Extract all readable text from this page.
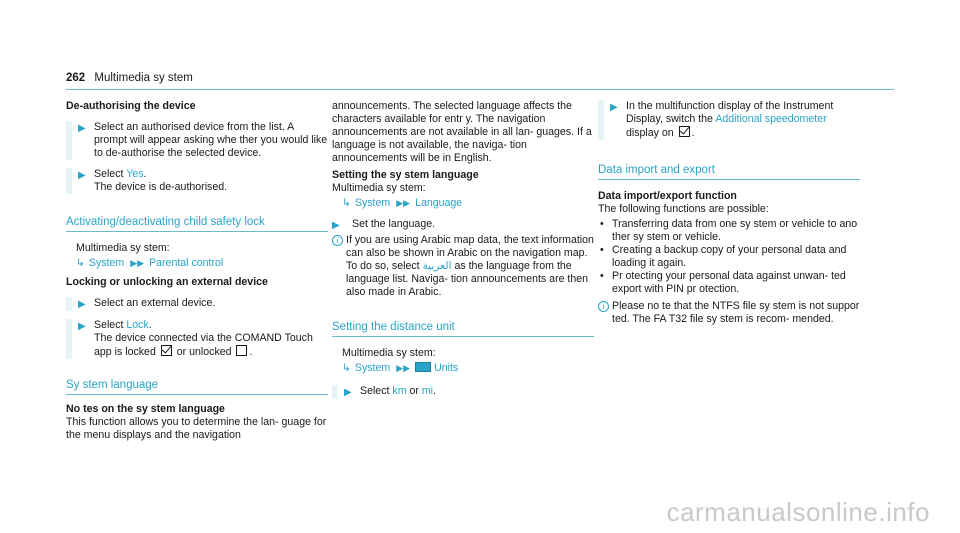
262 Multimedia sy stem

De-authorising the device

▶ Select an authorised device from the list. A prompt will appear asking whe ther you would like to de-authorise the selected device.
▶ Select Yes.
The device is de-authorised.

Activating/deactivating child safety lock

Multimedia sy stem:

↳ System ▶▶ Parental control

Locking or unlocking an external device

▶ Select an external device.
▶ Select Lock.
The device connected via the COMAND Touch app is locked or unlocked .

Sy stem language

No tes on the sy stem language

This function allows you to determine the lan- guage for the menu displays and the navigation

announcements. The selected language affects the characters available for entr y. The navigation announcements are not available in all lan- guages. If a language is not available, the naviga- tion announcements will be in English.

Setting the sy stem language

Multimedia sy stem:

↳ System ▶▶ Language
▶	Set the language.
i If you are using Arabic map data, the text information can also be shown in Arabic on the navigation map. To do so, select العربية as the language from the language list. Naviga- tion announcements are then also made in Arabic.

Setting the distance unit

Multimedia sy stem:

↳ System ▶▶ Units
▶ Select km or mi.
▶ In the multifunction display of the Instrument Display, switch the Additional speedometer
display on .

Data import and export

Data import/export function

The following functions are possible:

• Transferring data from one sy stem or vehicle to ano ther sy stem or vehicle.
• Creating a backup copy of your personal data and loading it again.
• Pr otecting your personal data against unwan- ted export with PIN pr otection.
i Please no te that the NTFS file sy stem is not suppor ted. The FA T32 file sy stem is recom- mended.
carmanualsonline.info
